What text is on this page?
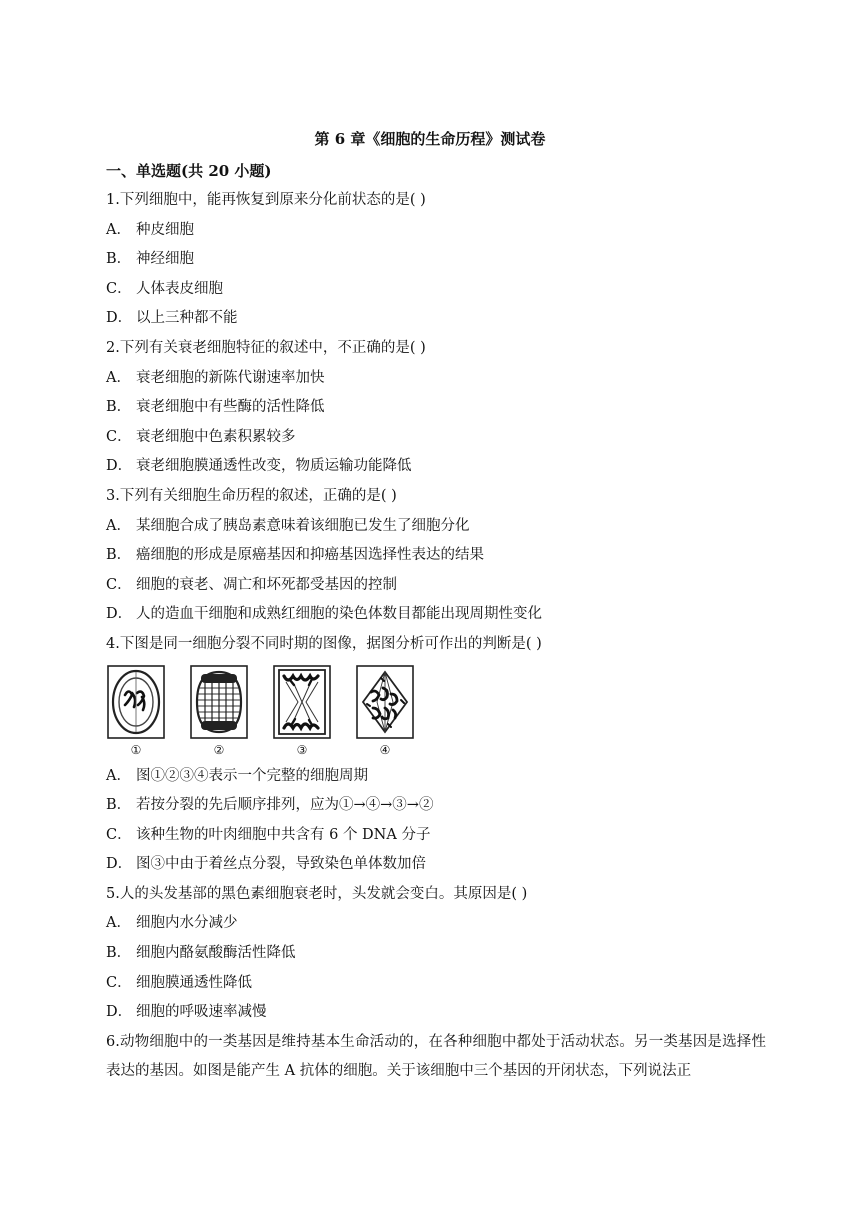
第 6 章《细胞的生命历程》测试卷
一、单选题(共 20 小题)
1.下列细胞中，能再恢复到原来分化前状态的是( )
A． 种皮细胞
B． 神经细胞
C． 人体表皮细胞
D． 以上三种都不能
2.下列有关衰老细胞特征的叙述中，不正确的是( )
A． 衰老细胞的新陈代谢速率加快
B． 衰老细胞中有些酶的活性降低
C． 衰老细胞中色素积累较多
D． 衰老细胞膜通透性改变，物质运输功能降低
3.下列有关细胞生命历程的叙述，正确的是( )
A． 某细胞合成了胰岛素意味着该细胞已发生了细胞分化
B． 癌细胞的形成是原癌基因和抑癌基因选择性表达的结果
C． 细胞的衰老、凋亡和坏死都受基因的控制
D． 人的造血干细胞和成熟红细胞的染色体数目都能出现周期性变化
4.下图是同一细胞分裂不同时期的图像，据图分析可作出的判断是( )
①	②	③	④
A． 图①②③④表示一个完整的细胞周期
B． 若按分裂的先后顺序排列，应为①→④→③→②
C． 该种生物的叶肉细胞中共含有 6 个 DNA 分子
D． 图③中由于着丝点分裂，导致染色单体数加倍
5.人的头发基部的黑色素细胞衰老时，头发就会变白。其原因是( )
A． 细胞内水分减少
B． 细胞内酪氨酸酶活性降低
C． 细胞膜通透性降低
D． 细胞的呼吸速率减慢
6.动物细胞中的一类基因是维持基本生命活动的，在各种细胞中都处于活动状态。另一类基因是选择性表达的基因。如图是能产生 A 抗体的细胞。关于该细胞中三个基因的开闭状态，下列说法正
